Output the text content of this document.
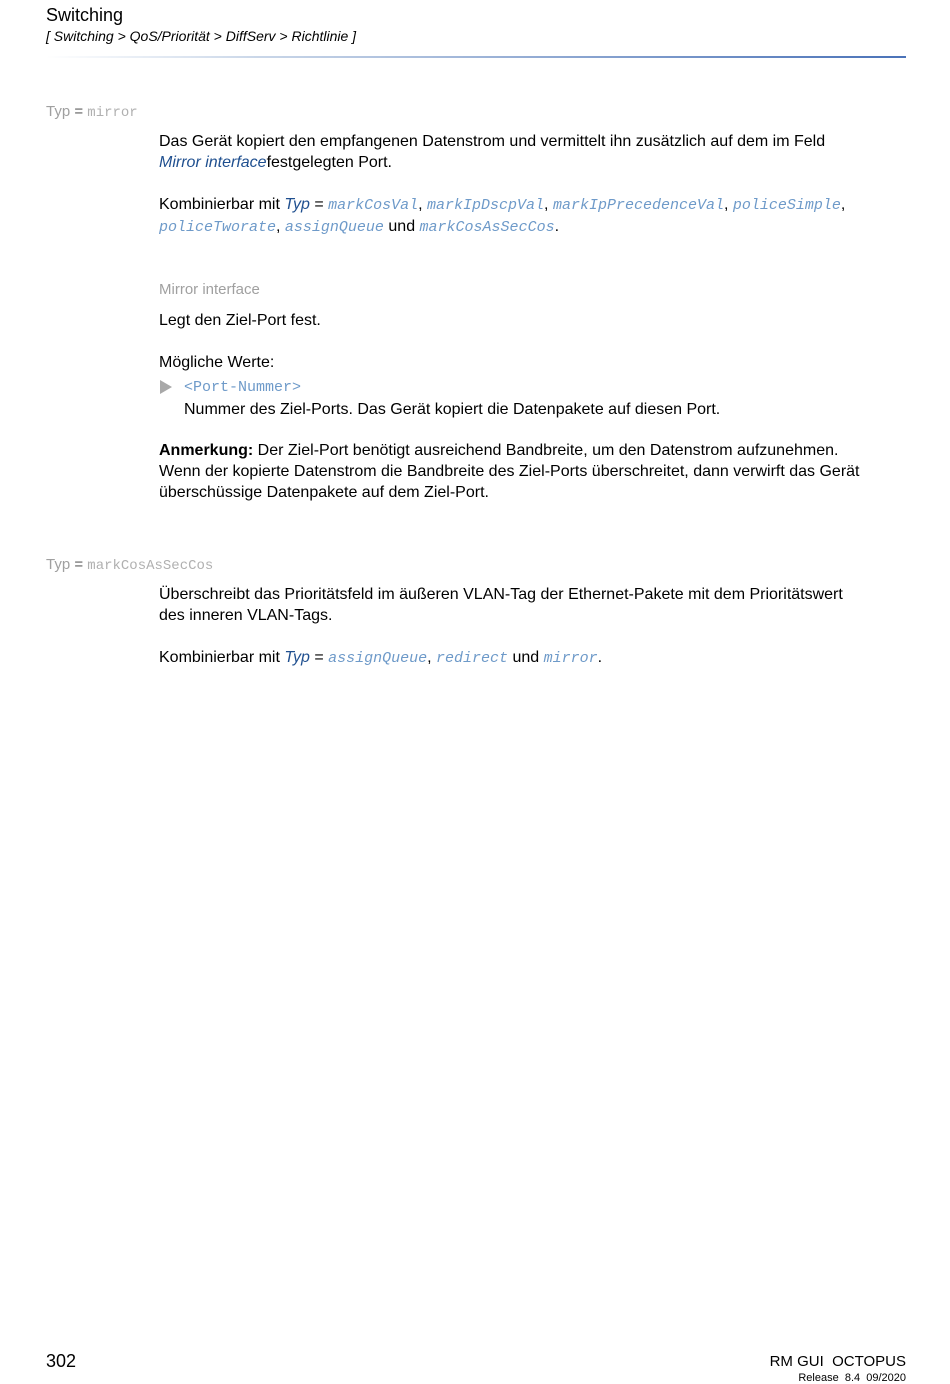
Switching
[ Switching > QoS/Priorität > DiffServ > Richtlinie ]
Typ = mirror
Das Gerät kopiert den empfangenen Datenstrom und vermittelt ihn zusätzlich auf dem im Feld
Mirror interfacefestgelegten Port.
Kombinierbar mit Typ = markCosVal, markIpDscpVal, markIpPrecedenceVal, policeSimple,
policeTworate, assignQueue und markCosAsSecCos.
Mirror interface
Legt den Ziel-Port fest.
Mögliche Werte:
<Port-Nummer>
Nummer des Ziel-Ports. Das Gerät kopiert die Datenpakete auf diesen Port.
Anmerkung: Der Ziel-Port benötigt ausreichend Bandbreite, um den Datenstrom aufzunehmen.
Wenn der kopierte Datenstrom die Bandbreite des Ziel-Ports überschreitet, dann verwirft das Gerät
überschüssige Datenpakete auf dem Ziel-Port.
Typ = markCosAsSecCos
Überschreibt das Prioritätsfeld im äußeren VLAN-Tag der Ethernet-Pakete mit dem Prioritätswert
des inneren VLAN-Tags.
Kombinierbar mit Typ = assignQueue, redirect und mirror.
302	RM GUI  OCTOPUS
Release  8.4  09/2020
